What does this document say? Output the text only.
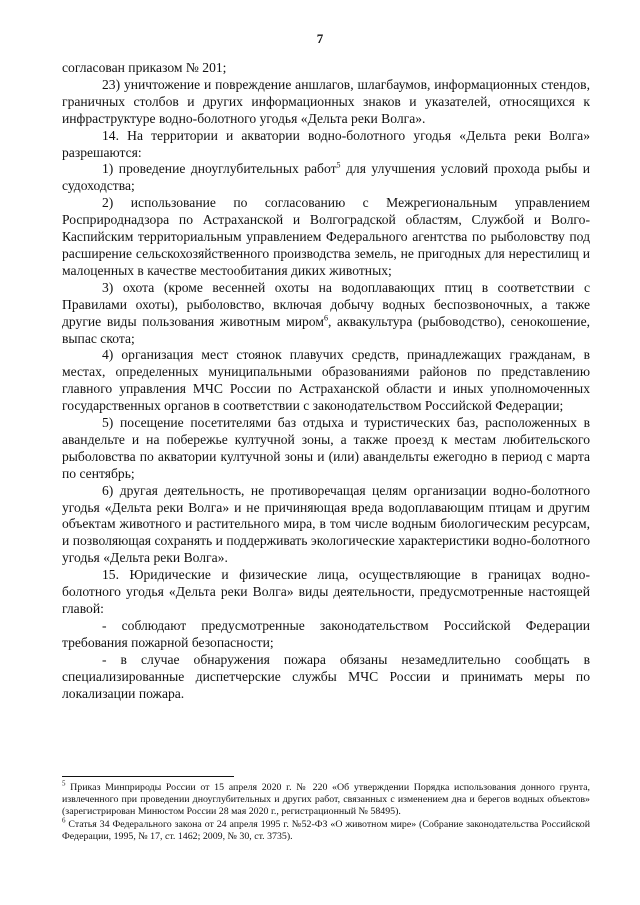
7

согласован приказом № 201;

23) уничтожение и повреждение аншлагов, шлагбаумов, информационных стендов, граничных столбов и других информационных знаков и указателей, относящихся к инфраструктуре водно-болотного угодья «Дельта реки Волга».

14. На территории и акватории водно-болотного угодья «Дельта реки Волга» разрешаются:

1) проведение дноуглубительных работ$^5$ для улучшения условий прохода рыбы и судоходства;

2) использование по согласованию с Межрегиональным управлением Росприроднадзора по Астраханской и Волгоградской областям, Службой и Волго-Каспийским территориальным управлением Федерального агентства по рыболовству под расширение сельскохозяйственного производства земель, не пригодных для нерестилищ и малоценных в качестве местообитания диких животных;

3) охота (кроме весенней охоты на водоплавающих птиц в соответствии с Правилами охоты), рыболовство, включая добычу водных беспозвоночных, а также другие виды пользования животным миром$^6$, аквакультура (рыбоводство), сенокошение, выпас скота;

4) организация мест стоянок плавучих средств, принадлежащих гражданам, в местах, определенных муниципальными образованиями районов по представлению главного управления МЧС России по Астраханской области и иных уполномоченных государственных органов в соответствии с законодательством Российской Федерации;

5) посещение посетителями баз отдыха и туристических баз, расположенных в авандельте и на побережье култучной зоны, а также проезд к местам любительского рыболовства по акватории култучной зоны и (или) авандельты ежегодно в период с марта по сентябрь;

6) другая деятельность, не противоречащая целям организации водно-болотного угодья «Дельта реки Волга» и не причиняющая вреда водоплавающим птицам и другим объектам животного и растительного мира, в том числе водным биологическим ресурсам, и позволяющая сохранять и поддерживать экологические характеристики водно-болотного угодья «Дельта реки Волга».

15. Юридические и физические лица, осуществляющие в границах водно-болотного угодья «Дельта реки Волга» виды деятельности, предусмотренные настоящей главой:

- соблюдают предусмотренные законодательством Российской Федерации требования пожарной безопасности;

- в случае обнаружения пожара обязаны незамедлительно сообщать в специализированные диспетчерские службы МЧС России и принимать меры по локализации пожара.

$^5$ Приказ Минприроды России от 15 апреля 2020 г. № 220 «Об утверждении Порядка использования донного грунта, извлеченного при проведении дноуглубительных и других работ, связанных с изменением дна и берегов водных объектов» (зарегистрирован Минюстом России 28 мая 2020 г., регистрационный № 58495).

$^6$ Статья 34 Федерального закона от 24 апреля 1995 г. №52-ФЗ «О животном мире» (Собрание законодательства Российской Федерации, 1995, № 17, ст. 1462; 2009, № 30, ст. 3735).
